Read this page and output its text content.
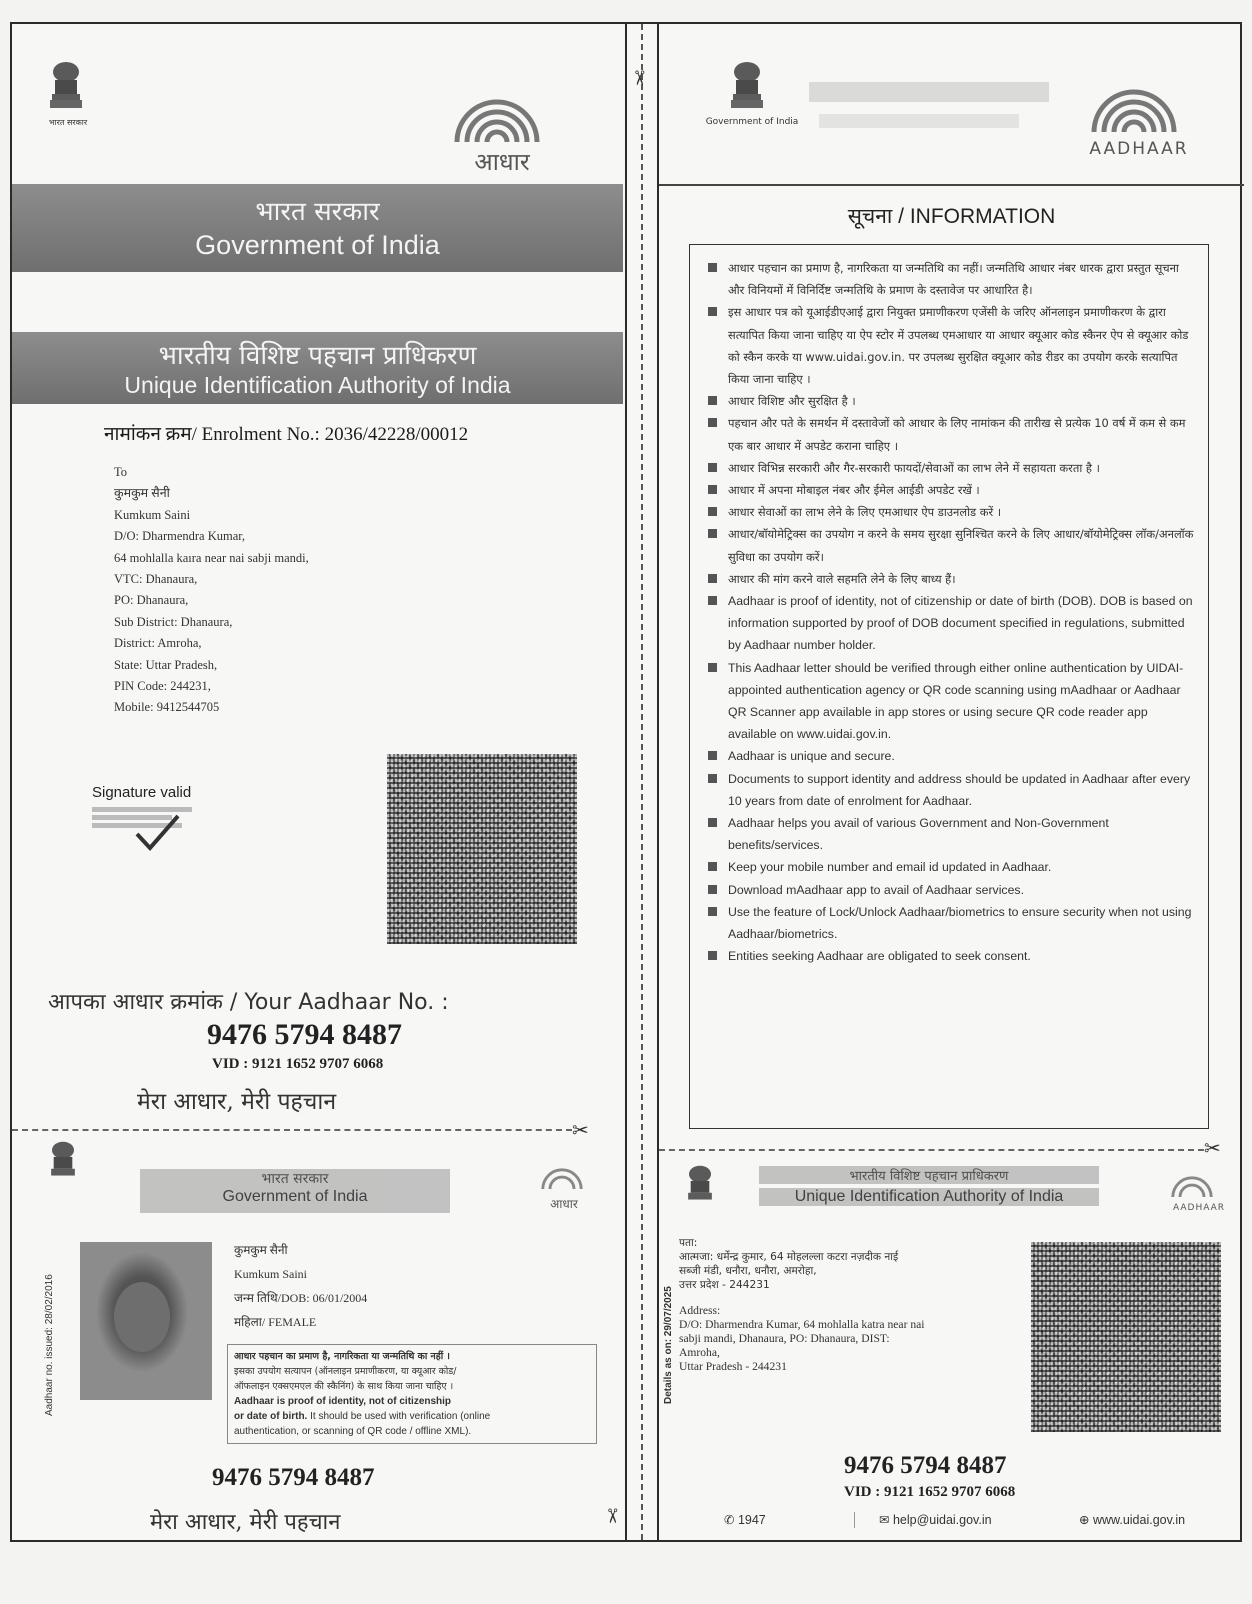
भारत सरकार
आधार
भारत सरकार
Government of India
भारतीय विशिष्ट पहचान प्राधिकरण
Unique Identification Authority of India
नामांकन क्रम/ Enrolment No.: 2036/42228/00012
To
कुमकुम सैनी
Kumkum Saini
D/O: Dharmendra Kumar,
64 mohlalla kaıra near nai sabji mandi,
VTC: Dhanaura,
PO: Dhanaura,
Sub District: Dhanaura,
District: Amroha,
State: Uttar Pradesh,
PIN Code: 244231,
Mobile: 9412544705
Signature valid
आपका आधार क्रमांक / Your Aadhaar No. :
9476 5794 8487
VID : 9121 1652 9707 6068
मेरा आधार, मेरी पहचान
✂
भारत सरकार
Government of India	आधार
Aadhaar no. issued: 28/02/2016
कुमकुम सैनी
Kumkum Saini
जन्म तिथि/DOB: 06/01/2004
महिला/ FEMALE
आधार पहचान का प्रमाण है, नागरिकता या जन्मतिथि का नहीं ।
इसका उपयोग सत्यापन (ऑनलाइन प्रमाणीकरण, या क्यूआर कोड/
ऑफलाइन एक्सएमएल की स्कैनिंग) के साथ किया जाना चाहिए ।
Aadhaar is proof of identity, not of citizenship
or date of birth. It should be used with verification (online
authentication, or scanning of QR code / offline XML).
9476 5794 8487
मेरा आधार, मेरी पहचान	✂
✂
Government of India
AADHAAR
सूचना / INFORMATION
आधार पहचान का प्रमाण है, नागरिकता या जन्मतिथि का नहीं। जन्मतिथि आधार नंबर धारक द्वारा प्रस्तुत सूचना और विनियमों में विनिर्दिष्ट जन्मतिथि के प्रमाण के दस्तावेज पर आधारित है।
इस आधार पत्र को यूआईडीएआई द्वारा नियुक्त प्रमाणीकरण एजेंसी के जरिए ऑनलाइन प्रमाणीकरण के द्वारा सत्यापित किया जाना चाहिए या ऐप स्टोर में उपलब्ध एमआधार या आधार क्यूआर कोड स्कैनर ऐप से क्यूआर कोड को स्कैन करके या www.uidai.gov.in. पर उपलब्ध सुरक्षित क्यूआर कोड रीडर का उपयोग करके सत्यापित किया जाना चाहिए ।
आधार विशिष्ट और सुरक्षित है ।
पहचान और पते के समर्थन में दस्तावेजों को आधार के लिए नामांकन की तारीख से प्रत्येक 10 वर्ष में कम से कम एक बार आधार में अपडेट कराना चाहिए ।
आधार विभिन्न सरकारी और गैर-सरकारी फायदों/सेवाओं का लाभ लेने में सहायता करता है ।
आधार में अपना मोबाइल नंबर और ईमेल आईडी अपडेट रखें ।
आधार सेवाओं का लाभ लेने के लिए एमआधार ऐप डाउनलोड करें ।
आधार/बॉयोमेट्रिक्स का उपयोग न करने के समय सुरक्षा सुनिश्चित करने के लिए आधार/बॉयोमेट्रिक्स लॉक/अनलॉक सुविधा का उपयोग करें।
आधार की मांग करने वाले सहमति लेने के लिए बाध्य हैं।
Aadhaar is proof of identity, not of citizenship or date of birth (DOB). DOB is based on information supported by proof of DOB document specified in regulations, submitted by Aadhaar number holder.
This Aadhaar letter should be verified through either online authentication by UIDAI-appointed authentication agency or QR code scanning using mAadhaar or Aadhaar QR Scanner app available in app stores or using secure QR code reader app available on www.uidai.gov.in.
Aadhaar is unique and secure.
Documents to support identity and address should be updated in Aadhaar after every 10 years from date of enrolment for Aadhaar.
Aadhaar helps you avail of various Government and Non-Government benefits/services.
Keep your mobile number and email id updated in Aadhaar.
Download mAadhaar app to avail of Aadhaar services.
Use the feature of Lock/Unlock Aadhaar/biometrics to ensure security when not using Aadhaar/biometrics.
Entities seeking Aadhaar are obligated to seek consent.
✂
भारतीय विशिष्ट पहचान प्राधिकरण
Unique Identification Authority of India
AADHAAR
Details as on: 29/07/2025
पता:
आत्मजा: धर्मेन्द्र कुमार, 64 मोहलल्ला कटरा नज़दीक नाई
सब्जी मंडी, धनौरा, धनौरा, अमरोहा,
उत्तर प्रदेश - 244231
Address:
D/O: Dharmendra Kumar, 64 mohlalla katra near nai
sabji mandi, Dhanaura, PO: Dhanaura, DIST:
Amroha,
Uttar Pradesh - 244231
9476 5794 8487
VID : 9121 1652 9707 6068
✆ 1947	✉ help@uidai.gov.in	⊕ www.uidai.gov.in
